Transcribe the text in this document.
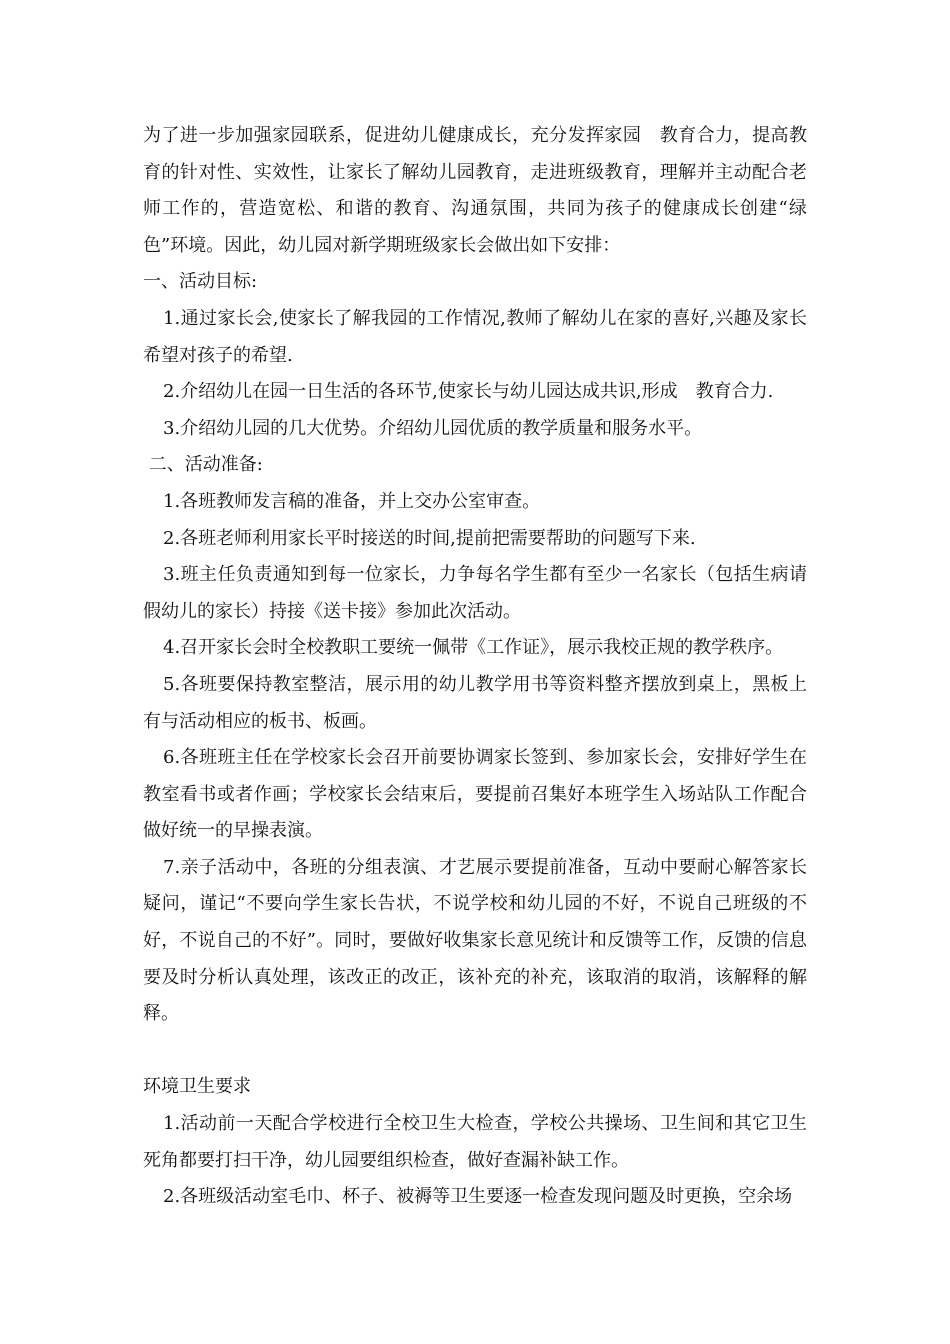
为了进一步加强家园联系，促进幼儿健康成长，充分发挥家园　教育合力，提高教育的针对性、实效性，让家长了解幼儿园教育，走进班级教育，理解并主动配合老师工作的，营造宽松、和谐的教育、沟通氛围，共同为孩子的健康成长创建“绿色”环境。因此，幼儿园对新学期班级家长会做出如下安排：

一、活动目标:

1.通过家长会,使家长了解我园的工作情况,教师了解幼儿在家的喜好,兴趣及家长希望对孩子的希望.

2.介绍幼儿在园一日生活的各环节,使家长与幼儿园达成共识,形成　教育合力.

3.介绍幼儿园的几大优势。介绍幼儿园优质的教学质量和服务水平。

二、活动准备:

1.各班教师发言稿的准备，并上交办公室审查。

2.各班老师利用家长平时接送的时间,提前把需要帮助的问题写下来.

3.班主任负责通知到每一位家长，力争每名学生都有至少一名家长（包括生病请假幼儿的家长）持接《送卡接》参加此次活动。

4.召开家长会时全校教职工要统一佩带《工作证》，展示我校正规的教学秩序。

5.各班要保持教室整洁，展示用的幼儿教学用书等资料整齐摆放到桌上，黑板上有与活动相应的板书、板画。

6.各班班主任在学校家长会召开前要协调家长签到、参加家长会，安排好学生在教室看书或者作画；学校家长会结束后，要提前召集好本班学生入场站队工作配合做好统一的早操表演。

7.亲子活动中，各班的分组表演、才艺展示要提前准备，互动中要耐心解答家长疑问，谨记“不要向学生家长告状，不说学校和幼儿园的不好，不说自己班级的不好，不说自己的不好”。同时，要做好收集家长意见统计和反馈等工作，反馈的信息要及时分析认真处理，该改正的改正，该补充的补充，该取消的取消，该解释的解释。

环境卫生要求

1.活动前一天配合学校进行全校卫生大检查，学校公共操场、卫生间和其它卫生死角都要打扫干净，幼儿园要组织检查，做好查漏补缺工作。

2.各班级活动室毛巾、杯子、被褥等卫生要逐一检查发现问题及时更换，空余场
